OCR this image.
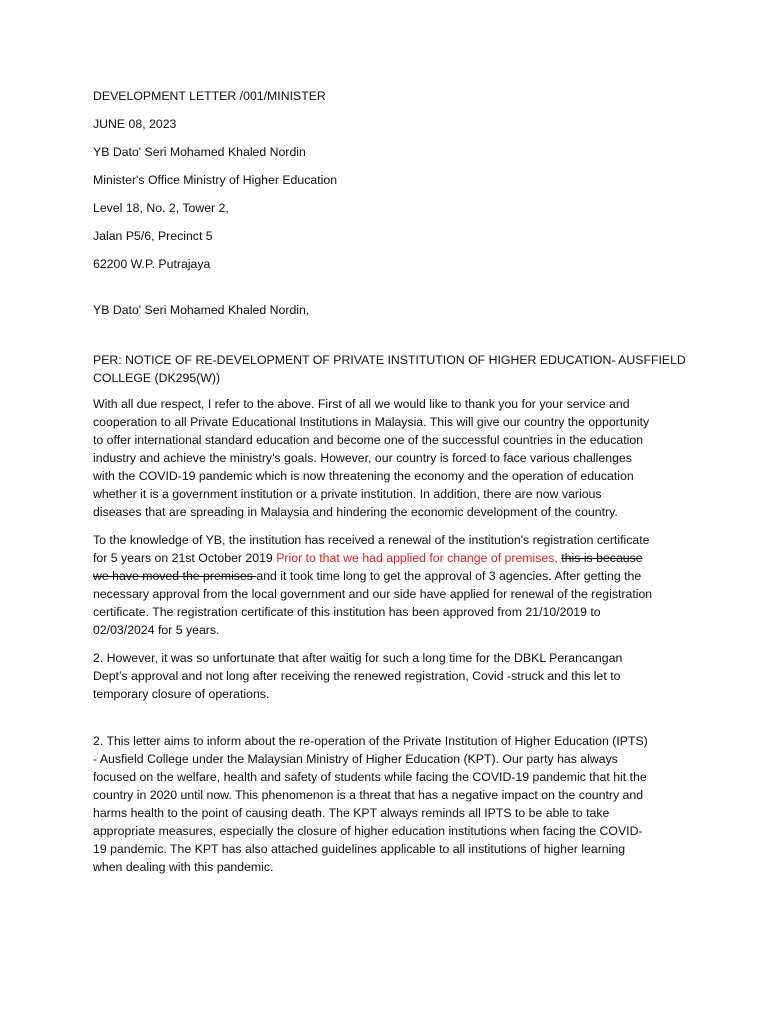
DEVELOPMENT LETTER /001/MINISTER

JUNE 08, 2023

YB Dato' Seri Mohamed Khaled Nordin

Minister's Office Ministry of Higher Education

Level 18, No. 2, Tower 2,

Jalan P5/6, Precinct 5

62200 W.P. Putrajaya

YB Dato' Seri Mohamed Khaled Nordin,

PER: NOTICE OF RE-DEVELOPMENT OF PRIVATE INSTITUTION OF HIGHER EDUCATION- AUSFFIELD

COLLEGE (DK295(W))

With all due respect, I refer to the above. First of all we would like to thank you for your service and cooperation to all Private Educational Institutions in Malaysia. This will give our country the opportunity to offer international standard education and become one of the successful countries in the education industry and achieve the ministry's goals. However, our country is forced to face various challenges with the COVID-19 pandemic which is now threatening the economy and the operation of education whether it is a government institution or a private institution. In addition, there are now various diseases that are spreading in Malaysia and hindering the economic development of the country.

To the knowledge of YB, the institution has received a renewal of the institution's registration certificate for 5 years on 21st October 2019 Prior to that we had applied for change of premises, this is because we have moved the premises and it took time long to get the approval of 3 agencies. After getting the necessary approval from the local government and our side have applied for renewal of the registration certificate. The registration certificate of this institution has been approved from 21/10/2019 to 02/03/2024 for 5 years.

2. However, it was so unfortunate that after waitig for such a long time for the DBKL Perancangan Dept’s approval and not long after receiving the renewed registration, Covid -struck and this let to temporary closure of operations.

2. This letter aims to inform about the re-operation of the Private Institution of Higher Education (IPTS) - Ausfield College under the Malaysian Ministry of Higher Education (KPT). Our party has always focused on the welfare, health and safety of students while facing the COVID-19 pandemic that hit the country in 2020 until now. This phenomenon is a threat that has a negative impact on the country and harms health to the point of causing death. The KPT always reminds all IPTS to be able to take appropriate measures, especially the closure of higher education institutions when facing the COVID-19 pandemic. The KPT has also attached guidelines applicable to all institutions of higher learning when dealing with this pandemic.
